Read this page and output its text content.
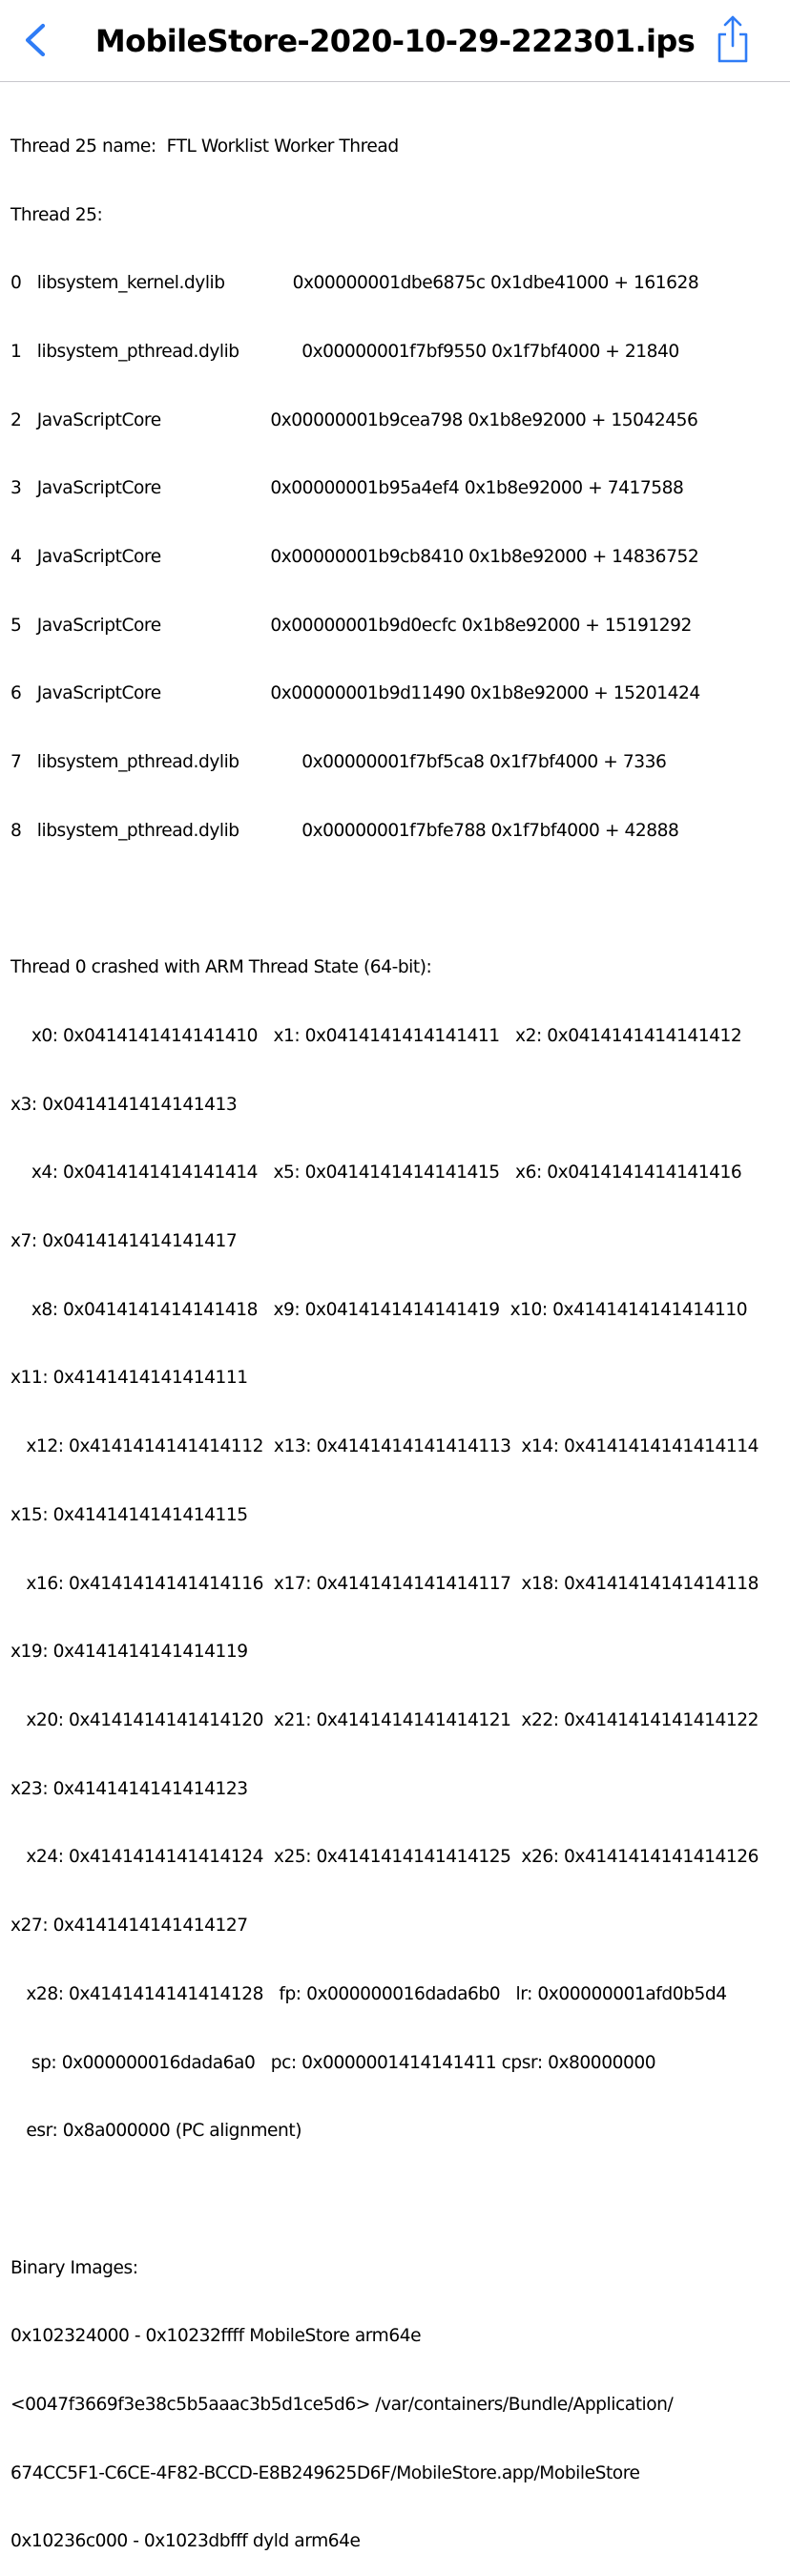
MobileStore-2020-10-29-222301.ips

Thread 25 name:  FTL Worklist Worker Thread

Thread 25:

0   libsystem_kernel.dylib             0x00000001dbe6875c 0x1dbe41000 + 161628

1   libsystem_pthread.dylib            0x00000001f7bf9550 0x1f7bf4000 + 21840

2   JavaScriptCore                     0x00000001b9cea798 0x1b8e92000 + 15042456

3   JavaScriptCore                     0x00000001b95a4ef4 0x1b8e92000 + 7417588

4   JavaScriptCore                     0x00000001b9cb8410 0x1b8e92000 + 14836752

5   JavaScriptCore                     0x00000001b9d0ecfc 0x1b8e92000 + 15191292

6   JavaScriptCore                     0x00000001b9d11490 0x1b8e92000 + 15201424

7   libsystem_pthread.dylib            0x00000001f7bf5ca8 0x1f7bf4000 + 7336

8   libsystem_pthread.dylib            0x00000001f7bfe788 0x1f7bf4000 + 42888

Thread 0 crashed with ARM Thread State (64-bit):

x0: 0x0414141414141410   x1: 0x0414141414141411   x2: 0x0414141414141412

x3: 0x0414141414141413

x4: 0x0414141414141414   x5: 0x0414141414141415   x6: 0x0414141414141416

x7: 0x0414141414141417

x8: 0x0414141414141418   x9: 0x0414141414141419  x10: 0x4141414141414110

x11: 0x4141414141414111

x12: 0x4141414141414112  x13: 0x4141414141414113  x14: 0x4141414141414114

x15: 0x4141414141414115

x16: 0x4141414141414116  x17: 0x4141414141414117  x18: 0x4141414141414118

x19: 0x4141414141414119

x20: 0x4141414141414120  x21: 0x4141414141414121  x22: 0x4141414141414122

x23: 0x4141414141414123

x24: 0x4141414141414124  x25: 0x4141414141414125  x26: 0x4141414141414126

x27: 0x4141414141414127

x28: 0x4141414141414128   fp: 0x000000016dada6b0   lr: 0x00000001afd0b5d4

sp: 0x000000016dada6a0   pc: 0x0000001414141411 cpsr: 0x80000000

esr: 0x8a000000 (PC alignment)

Binary Images:

0x102324000 - 0x10232ffff MobileStore arm64e

<0047f3669f3e38c5b5aaac3b5d1ce5d6> /var/containers/Bundle/Application/

674CC5F1-C6CE-4F82-BCCD-E8B249625D6F/MobileStore.app/MobileStore

0x10236c000 - 0x1023dbfff dyld arm64e
